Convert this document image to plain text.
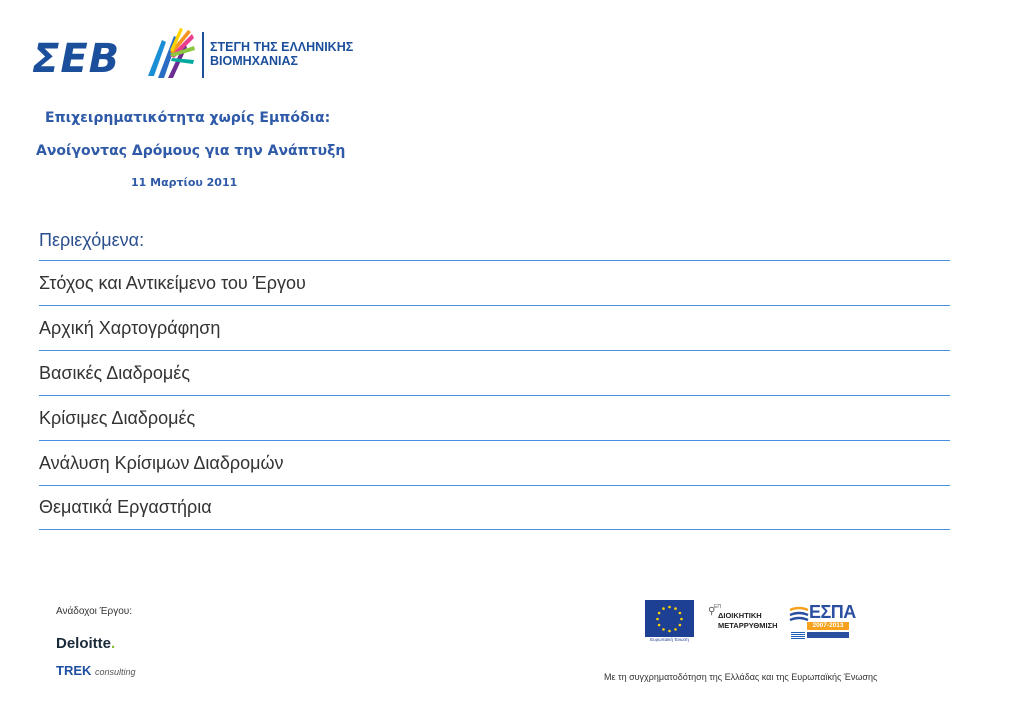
ΣΕΒ	ΣΤΕΓΗ ΤΗΣ ΕΛΛΗΝΙΚΗΣ
ΒΙΟΜΗΧΑΝΙΑΣ
Επιχειρηματικότητα χωρίς Εμπόδια:
Ανοίγοντας Δρόμους για την Ανάπτυξη
11 Μαρτίου 2011
Περιεχόμενα:
Στόχος και Αντικείμενο του Έργου
Αρχική Χαρτογράφηση
Βασικές Διαδρομές
Κρίσιμες Διαδρομές
Ανάλυση Κρίσιμων Διαδρομών
Θεματικά Εργαστήρια
Ανάδοχοι Έργου:
Deloitte.
TREK consulting
Ευρωπαϊκή Ένωση
⚲
ΕΠ
ΔΙΟΙΚΗΤΙΚΗ
ΜΕΤΑΡΡΥΘΜΙΣΗ
ΕΣΠΑ
2007-2013
Με τη συγχρηματοδότηση της Ελλάδας και της Ευρωπαϊκής Ένωσης
